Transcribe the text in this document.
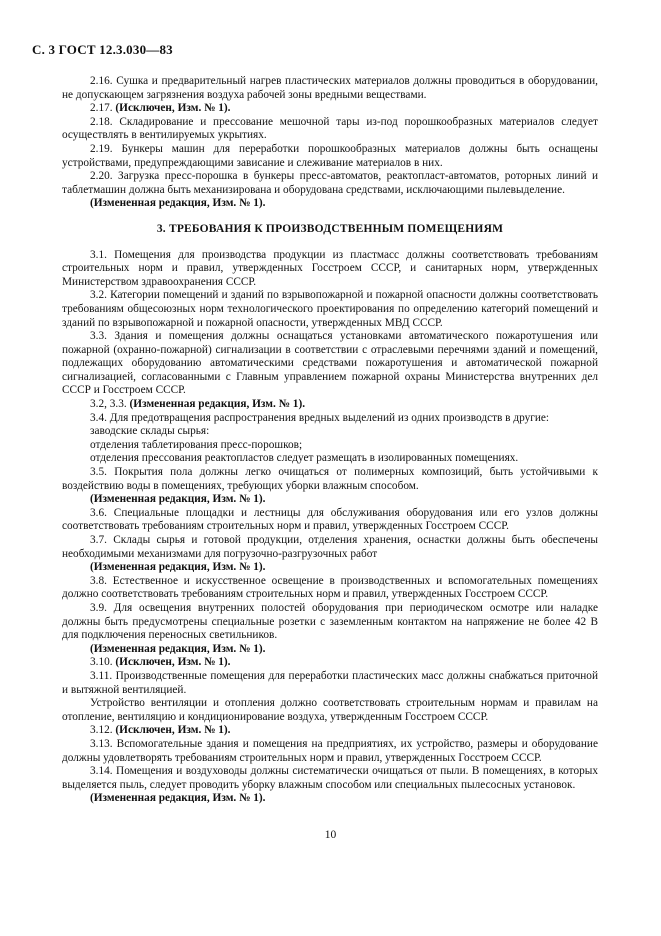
С. 3 ГОСТ 12.3.030—83

2.16. Сушка и предварительный нагрев пластических материалов должны проводиться в оборудовании, не допускающем загрязнения воздуха рабочей зоны вредными веществами.

2.17. (Исключен, Изм. № 1).

2.18. Складирование и прессование мешочной тары из-под порошкообразных материалов следует осуществлять в вентилируемых укрытиях.

2.19. Бункеры машин для переработки порошкообразных материалов должны быть оснащены устройствами, предупреждающими зависание и слеживание материалов в них.

2.20. Загрузка пресс-порошка в бункеры пресс-автоматов, реактопласт-автоматов, роторных линий и таблетмашин должна быть механизирована и оборудована средствами, исключающими пылевыделение.

(Измененная редакция, Изм. № 1).

3. ТРЕБОВАНИЯ К ПРОИЗВОДСТВЕННЫМ ПОМЕЩЕНИЯМ

3.1. Помещения для производства продукции из пластмасс должны соответствовать требованиям строительных норм и правил, утвержденных Госстроем СССР, и санитарных норм, утвержденных Министерством здравоохранения СССР.

3.2. Категории помещений и зданий по взрывопожарной и пожарной опасности должны соответствовать требованиям общесоюзных норм технологического проектирования по определению категорий помещений и зданий по взрывопожарной и пожарной опасности, утвержденных МВД СССР.

3.3. Здания и помещения должны оснащаться установками автоматического пожаротушения или пожарной (охранно-пожарной) сигнализации в соответствии с отраслевыми перечнями зданий и помещений, подлежащих оборудованию автоматическими средствами пожаротушения и автоматической пожарной сигнализацией, согласованными с Главным управлением пожарной охраны Министерства внутренних дел СССР и Госстроем СССР.

3.2, 3.3. (Измененная редакция, Изм. № 1).

3.4. Для предотвращения распространения вредных выделений из одних производств в другие:

заводские склады сырья:

отделения таблетирования пресс-порошков;

отделения прессования реактопластов следует размещать в изолированных помещениях.

3.5. Покрытия пола должны легко очищаться от полимерных композиций, быть устойчивыми к воздействию воды в помещениях, требующих уборки влажным способом.

(Измененная редакция, Изм. № 1).

3.6. Специальные площадки и лестницы для обслуживания оборудования или его узлов должны соответствовать требованиям строительных норм и правил, утвержденных Госстроем СССР.

3.7. Склады сырья и готовой продукции, отделения хранения, оснастки должны быть обеспечены необходимыми механизмами для погрузочно-разгрузочных работ

(Измененная редакция, Изм. № 1).

3.8. Естественное и искусственное освещение в производственных и вспомогательных помещениях должно соответствовать требованиям строительных норм и правил, утвержденных Госстроем СССР.

3.9. Для освещения внутренних полостей оборудования при периодическом осмотре или наладке должны быть предусмотрены специальные розетки с заземленным контактом на напряжение не более 42 В для подключения переносных светильников.

(Измененная редакция, Изм. № 1).

3.10. (Исключен, Изм. № 1).

3.11. Производственные помещения для переработки пластических масс должны снабжаться приточной и вытяжной вентиляцией.

Устройство вентиляции и отопления должно соответствовать строительным нормам и правилам на отопление, вентиляцию и кондиционирование воздуха, утвержденным Госстроем СССР.

3.12. (Исключен, Изм. № 1).

3.13. Вспомогательные здания и помещения на предприятиях, их устройство, размеры и оборудование должны удовлетворять требованиям строительных норм и правил, утвержденных Госстроем СССР.

3.14. Помещения и воздуховоды должны систематически очищаться от пыли. В помещениях, в которых выделяется пыль, следует проводить уборку влажным способом или специальных пылесосных установок.

(Измененная редакция, Изм. № 1).

10
